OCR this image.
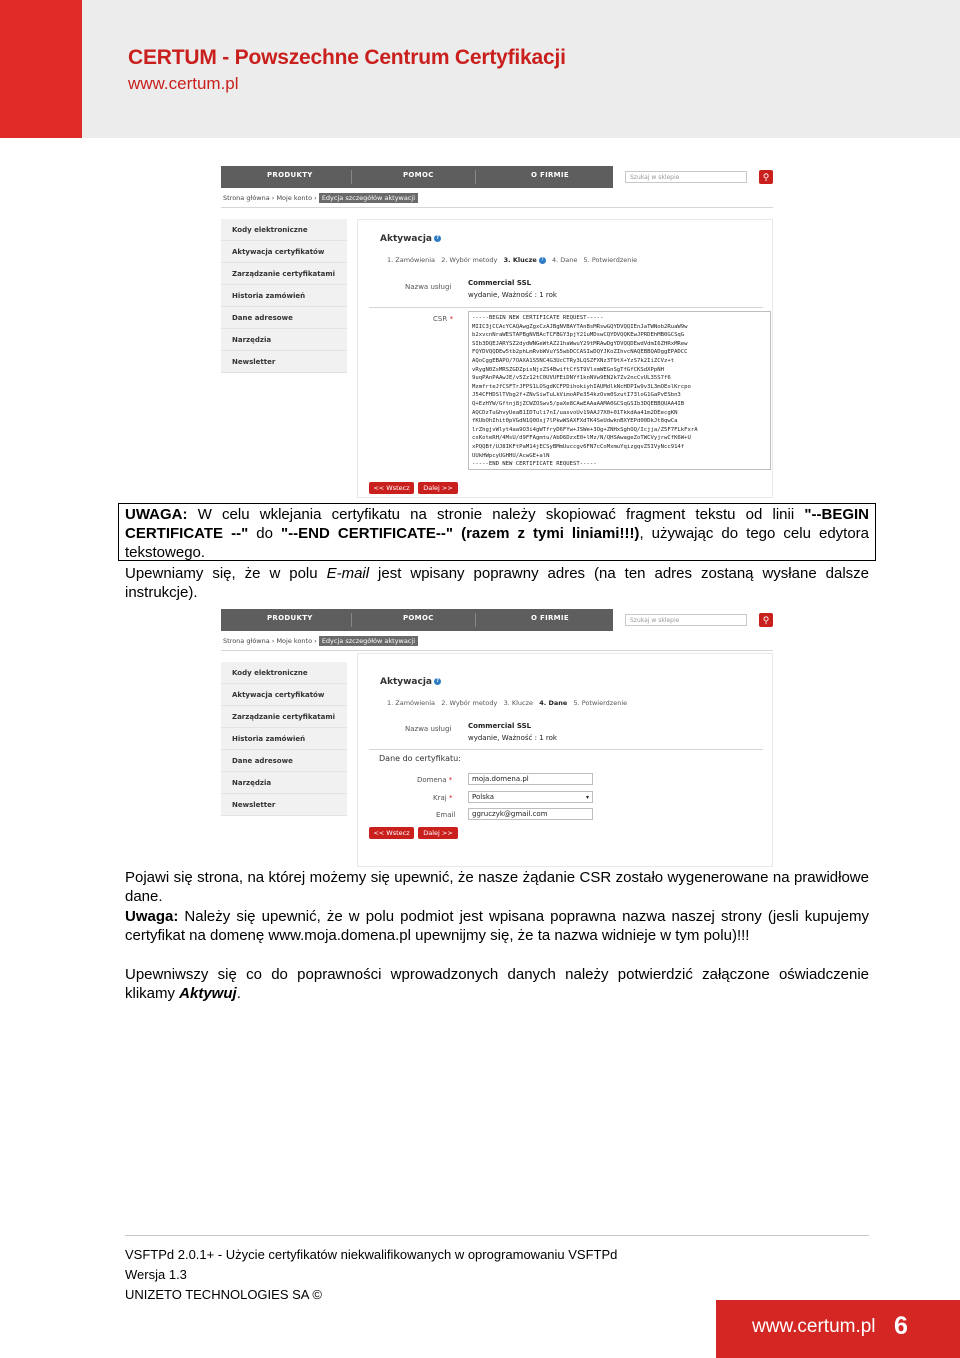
CERTUM - Powszechne Centrum Certyfikacji
www.certum.pl
PRODUKTY	POMOC	O FIRMIE	Szukaj w sklepie	⚲
Strona główna › Moje konto › Edycja szczegółów aktywacji
Kody elektroniczne
Aktywacja certyfikatów
Zarządzanie certyfikatami
Historia zamówień
Dane adresowe
Narzędzia
Newsletter
Aktywacja ?
1. Zamówienia 2. Wybór metody 3. Klucze ? 4. Dane 5. Potwierdzenie
Nazwa usługi Commercial SSL
wydanie, Ważność : 1 rok
CSR *	-----BEGIN NEW CERTIFICATE REQUEST-----
MIIC3jCCAcYCAQAwgZgxCzAJBgNVBAYTAnBsMRswGQYDVQQIEnJaTWNob2RuaW9w
b2xvcnNraWESTAPBgNVBAcTCFBGY3pjY21uMDswCQYDVQQKEwJPRDEhMB0GCSqG
SIb3DQEJARYSZ2dydWNGeWtAZ21haWwuY29tMRAwDgYDVQQDEwdVdmI6ZHRxMRew
FQYDVQQDEw5tb2phLmRvbWVuYS5wbDCCASIwDQYJKoZIhvcNAQEBBQADggEPADCC
AQoCggEBAPO/7OAXA1S5NC4G3UcCTRy3LQSZFXNz3T9tX+YzS7k2IiZCVz+t
vRygN0ZsMRSZGDZpisNjsZS4BwiftCfST9VlxmWEGnSgTfGfCKSdXPpNH
9uqPAnPAAwJE/v5Zz12tC0UVUFEiDNYf1knNVw9EN2k7Zv2ncCvUL35S7f6
MzmfrteJfCSFTrJFPS1LOSgdKCFPDihokiyhIAUMdlkNcHDPIw9v3L3mOEolKrcpo
J54CFHDSlTVbg2f+ZNvSiwTuLkVimoAPe354kzOvm0SzutI73loG1GaPvESbn3
Q+EzHYW/Gftnj8jZCWZOSwv5/paXe8CAwEAAaAAMA0GCSqGSIb3DQEBBQUAA4IB
AQCDzTuGhvyUeaB1IDTuli7nI/uasvoUv19AAJ7X0+01TkkdAa41m2DEecgKN
fKUbOhIhit0pVGdN1Q0Osj7lPkwWSAXFXdTK4SeUdwknBXYEPd00DkJt8qwCa
lrZhgjvWlyt4aa9O3i4gWTfryD6FYw+JSWe+3Og+ZNHxSghOQ/Icjja/Z5F7FLkFxrA
cxKoteRH/4MsU/d9FFAgmtu/AbD6DzxE0+lMz/N/QHSAwageZoTWCVyjrwCfK6W+U
xPQQBf/UJ8IKFtPaM14jECSyBMmUuccgv6FN7cCoMxmuYqizgqvZ5IVyNcc914f
UUkHWpcyUGHHU/AcwGE+alN
-----END NEW CERTIFICATE REQUEST-----
<< Wstecz	Dalej >>
UWAGA: W celu wklejania certyfikatu na stronie należy skopiować fragment tekstu od linii "--BEGIN CERTIFICATE --" do "--END CERTIFICATE--" (razem z tymi liniami!!!), używając do tego celu edytora tekstowego.
Upewniamy się, że w polu E-mail jest wpisany poprawny adres (na ten adres zostaną wysłane dalsze instrukcje).
PRODUKTY	POMOC	O FIRMIE	Szukaj w sklepie	⚲
Strona główna › Moje konto › Edycja szczegółów aktywacji
Kody elektroniczne
Aktywacja certyfikatów
Zarządzanie certyfikatami
Historia zamówień
Dane adresowe
Narzędzia
Newsletter
Aktywacja ?
1. Zamówienia 2. Wybór metody 3. Klucze 4. Dane 5. Potwierdzenie
Nazwa usługi Commercial SSL
wydanie, Ważność : 1 rok
Dane do certyfikatu:
Domena *	moja.domena.pl
Kraj *	Polska	▾
Email	ggruczyk@gmail.com
<< Wstecz	Dalej >>
Pojawi się strona, na której możemy się upewnić, że nasze żądanie CSR zostało wygenerowane na prawidłowe dane.
Uwaga: Należy się upewnić, że w polu podmiot jest wpisana poprawna nazwa naszej strony (jesli kupujemy certyfikat na domenę www.moja.domena.pl upewnijmy się, że ta nazwa widnieje w tym polu)!!!
Upewniwszy się co do poprawności wprowadzonych danych należy potwierdzić załączone oświadczenie klikamy Aktywuj.
VSFTPd 2.0.1+ - Użycie certyfikatów niekwalifikowanych w oprogramowaniu VSFTPd
Wersja 1.3
UNIZETO TECHNOLOGIES SA ©
www.certum.pl 6
